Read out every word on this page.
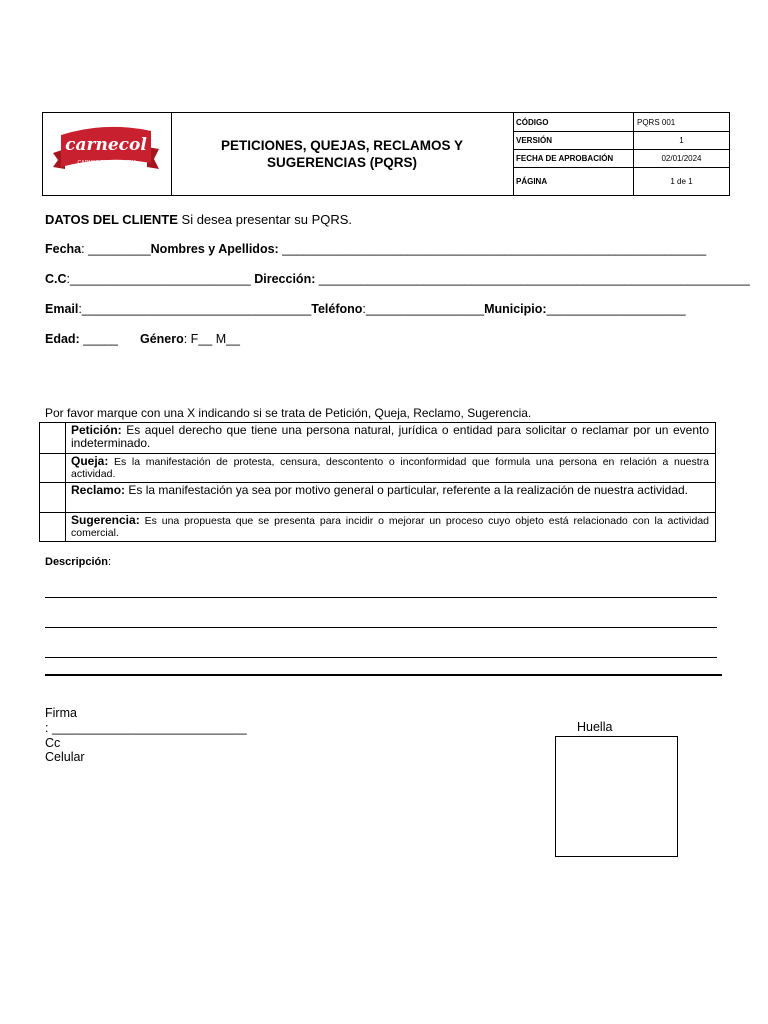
carnecol
CARNES DE COLOMBIA
PETICIONES, QUEJAS, RECLAMOS Y
SUGERENCIAS (PQRS)
CÓDIGO	PQRS 001
VERSIÓN	1
FECHA DE APROBACIÓN	02/01/2024
PÁGINA	1 de 1
DATOS DEL CLIENTE Si desea presentar su PQRS.
Fecha: _________Nombres y Apellidos: _____________________________________________________________
C.C:__________________________ Dirección: ______________________________________________________________
Email:_________________________________Teléfono:_________________Municipio:____________________
Edad: _____ Género: F__ M__
Por favor marque con una X indicando si se trata de Petición, Queja, Reclamo, Sugerencia.
Petición: Es aquel derecho que tiene una persona natural, jurídica o entidad para solicitar o reclamar por un evento indeterminado.
Queja: Es la manifestación de protesta, censura, descontento o inconformidad que formula una persona en relación a nuestra actividad.
Reclamo: Es la manifestación ya sea por motivo general o particular, referente a la realización de nuestra actividad.
Sugerencia: Es una propuesta que se presenta para incidir o mejorar un proceso cuyo objeto está relacionado con la actividad comercial.
Descripción:
Firma
: ____________________________
Cc
Celular
Huella
